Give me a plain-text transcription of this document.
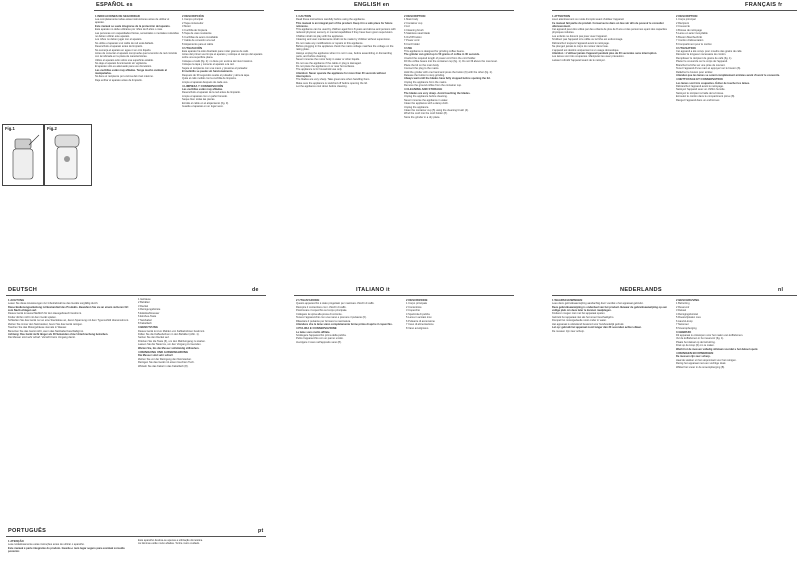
ESPAÑOL es	ENGLISH en	FRANÇAIS fr
Fig.1	Fig.2

1 INDICACIONES DE SEGURIDAD

Lea completamente todas estas instrucciones antes de utilizar el aparato.

Este manual se suele integrarse de la protección del aparato.

Este aparato no debe utilizarse por niños de 8 años o más.

Las personas con capacidades físicas, sensoriales o mentales reducidas no deben utilizar este aparato.

Los niños no deben jugar con el aparato.

No utilice el aparato si el cable de red está dañado.

Desenchufe el aparato antes de limpiarlo.

No sumerja el aparato en agua ni en otro líquido.

Antes de conectar el aparato compruebe que la tensión de red coincide con la indicada en la placa de características.

Utilice el aparato sólo sobre una superficie estable.

No deje el aparato funcionando sin vigilancia.

El aparato sólo es adecuado para uso doméstico.

Las cuchillas están muy afiladas. Tenga mucho cuidado al manipularlas.

No llene el recipiente por encima del nivel máximo.

Deje enfriar el aparato antes de limpiarlo.

2 DESCRIPCIÓN

1 Campo principal

2 Tapa contenedor

3 Motor

4 Cuchilla de limpieza

5 Tapa de vaso resistente

6 Cuchillas de acero inoxidable

7 Cable de conexión a la red

8 Alojamiento para el cable

3 UTILIZACIÓN

Este aparato ha sido diseñado para moler granos de café.

Antes del primer uso limpie el aparato y coloque el campo del aparato sobre una superficie plana.

Coloque el café (fig. 2): no llene por encima del nivel máximo.

Coloque la tapa y conecte el aparato a la red.

Sujete el recipiente con una mano y presione el pulsador.

El molinillo se puede sin funcionamiento.

Después de 30 segundos suelte el pulsador y abra la tapa.

Quite el café molido con la cuchilla de limpieza.

Limpie el aparato después de cada uso.

4 LIMPIEZA Y CONSERVACIÓN

Las cuchillas están muy afiladas.

Desenchufe el aparato de la red antes de limpiarlo.

Limpie el aparato con un paño húmedo.

Seque bien todas las piezas.

Enrolle el cable en el alojamiento (fig. 3).

Guarde el aparato en un lugar seco.

1 CAUTION

Read these instructions carefully before using the appliance.

This manual is an integral part of the product. Keep it in a safe place for future reference.

This appliance can be used by children aged from 8 years and above and persons with reduced physical, sensory or mental capabilities if they have been given supervision.

Children shall not play with the appliance.

Cleaning and user maintenance shall not be made by children without supervision.

Do not make any modifications or repairs to this appliance.

Before plugging in the appliance check the mains voltage matches the voltage on the rating plate.

Always unplug the appliance when it is not in use, before assembling or dismantling parts, and before cleaning.

Never immerse the motor body in water or other liquids.

Do not use the appliance if the cable or plug is damaged.

Do not place the appliance on or near hot surfaces.

The appliance is for household use only.

Attention: Never operate the appliance for more than 30 seconds without interruption.

The blades are very sharp. Take great care when handling them.

Make sure the appliance is switched off before opening the lid.

Let the appliance cool down before cleaning.

2 DESCRIPTION

1 Main body

2 Container cup

3 Lid

4 Cleaning brush

5 Stainless steel blade

6 On/Off button

7 Power cord

8 Cord holder

3 USE

This appliance is designed for grinding coffee beans.

The grinder can grind up to 50 grams of coffee in 30 seconds.

Unwind the required length of power cord from the cord holder.

Fill the coffee beans into the container cup (fig. 1). Do not fill above the max level.

Place the lid on the main body.

Connect the plug to the mains.

Hold the grinder with one hand and press the button (6) with the other (fig. 2).

Release the button to stop grinding.

Always wait until the blades have fully stopped before opening the lid.

Unplug the appliance from the mains.

Remove the ground coffee from the container cup.

4 CLEANING AND STORAGE

The blades are very sharp. Avoid touching the blades.

Unplug the appliance before cleaning.

Never immerse the appliance in water.

Clean the appliance with a damp cloth.

Unplug the appliance.

Clean the container cup (5) using the cleaning brush (4).

Wind the cord into the cord holder (8).

Store the grinder in a dry place.

1 ATTENTION

Lisez attentivement ce mode d'emploi avant d'utiliser l'appareil.

Ce manuel fait partie du produit. Conservez-le dans un lieu sûr afin de pouvoir le consulter ultérieurement.

Cet appareil peut être utilisé par des enfants de plus de 8 ans et des personnes ayant des capacités physiques réduites.

Les enfants ne doivent pas jouer avec l'appareil.

N'utilisez pas l'appareil si le câble ou la fiche est endommagé.

Débranchez toujours l'appareil avant le nettoyage.

Ne plongez jamais le corps du moteur dans l'eau.

L'appareil est destiné uniquement à un usage domestique.

Attention : n'utilisez jamais l'appareil pendant plus de 30 secondes sans interruption.

Les lames sont très coupantes. Manipulez-les avec précaution.

Laissez refroidir l'appareil avant de le nettoyer.

2 DESCRIPTION

1 Corps principal

2 Récipient

3 Couvercle

4 Brosse de nettoyage

5 Lame en acier inoxydable

6 Bouton Marche/Arrêt

7 Cordon d'alimentation

8 Compartiment pour le cordon

3 UTILISATION

Cet appareil a été conçu pour moudre des grains de café.

Déroulez la longueur nécessaire de cordon.

Remplissez le récipient de grains de café (fig. 1).

Placez le couvercle sur le corps de l'appareil.

Branchez la fiche sur une prise de courant.

Tenez l'appareil d'une main et appuyez sur le bouton (6).

Relâchez le bouton pour arrêter.

Attendez que les lames se soient complètement arrêtées avant d'ouvrir le couvercle.

4 NETTOYAGE ET CONSERVATION

Les lames sont très coupantes. Évitez de toucher les lames.

Débranchez l'appareil avant le nettoyage.

Nettoyez l'appareil avec un chiffon humide.

Nettoyez le récipient à l'aide de la brosse.

Enroulez le cordon dans le compartiment prévu (8).

Rangez l'appareil dans un endroit sec.

DEUTSCH	de	ITALIANO it	nl

1 ACHTUNG

Lesen Sie diese Anweisungen zur Inbetriebnahme des Geräts sorgfältig durch.

Diese Bedienungsanleitung ist Bestandteil des Produkts. Bewahren Sie sie an einem sicheren Ort zum Nachschlagen auf.

Dieses Gerät ist ausschließlich für den Hausgebrauch bestimmt.

Kinder dürfen nicht mit dem Gerät spielen.

Schließen Sie das Gerät nur an eine Steckdose an, deren Spannung mit dem Typenschild übereinstimmt.

Ziehen Sie immer den Netzstecker, bevor Sie das Gerät reinigen.

Tauchen Sie das Motorgehäuse niemals in Wasser.

Benutzen Sie das Gerät nicht, wenn das Netzkabel beschädigt ist.

Achtung: Das Gerät nicht länger als 30 Sekunden ohne Unterbrechung betreiben.

Die Messer sind sehr scharf. Vorsicht beim Umgang damit.

1 Gehäuse

2 Behälter

3 Deckel

4 Reinigungsbürste

5 Edelstahlmesser

6 Ein/Aus-Taste

7 Netzkabel

8 Kabelfach

3 BENUTZUNG

Dieses Gerät ist zum Mahlen von Kaffeebohnen bestimmt.

Füllen Sie die Kaffeebohnen in den Behälter (Abb. 1).

Setzen Sie den Deckel auf.

Drücken Sie die Taste (6), um den Mahlvorgang zu starten.

Lassen Sie die Taste los, um den Vorgang zu beenden.

Warten Sie, bis die Messer vollständig stillstehen.

4 REINIGUNG UND AUFBEWAHRUNG

Die Messer sind sehr scharf.

Ziehen Sie vor der Reinigung den Netzstecker.

Reinigen Sie das Gerät mit einem feuchten Tuch.

Wickeln Sie das Kabel in das Kabelfach (8).

2 UTILIZZAZIONE

Questo apparecchio è stato progettato per macinare chicchi di caffè.

Riempire il contenitore con i chicchi di caffè.

Posizionare il coperchio sul corpo principale.

Collegare la spina alla presa di corrente.

Tenere l'apparecchio con una mano e premere il pulsante (6).

Rilasciare il pulsante per fermare la macinatura.

Attendere che le lame siano completamente ferme prima di aprire il coperchio.

4 PULIZIA E CONSERVAZIONE

Le lame sono molto affilate.

Scollegare l'apparecchio prima della pulizia.

Pulire l'apparecchio con un panno umido.

Avvolgere il cavo nell'apposito vano (8).

2 DESCRIZIONE

1 Corpo principale

2 Contenitore

3 Coperchio

4 Spazzola di pulizia

5 Lama in acciaio inox

6 Pulsante di accensione

7 Cavo di alimentazione

8 Vano avvolgicavo

1 WAARSCHUWINGEN

Lees deze gebruiksaanwijzing aandachtig door voordat u het apparaat gebruikt.

Deze gebruiksaanwijzing is onderdeel van het product. Bewaar de gebruiksaanwijzing op een veilige plek om deze later te kunnen raadplegen.

Kinderen mogen niet met het apparaat spelen.

Gebruik het apparaat niet als het snoer beschadigd is.

Dompel het motorgedeelte nooit onder in water.

Het apparaat is uitsluitend bestemd voor huishoudelijk gebruik.

Let op: gebruik het apparaat nooit langer dan 30 seconden achter elkaar.

De messen zijn zeer scherp.

2 BESCHRIJVING

1 Behuizing

2 Reservoir

3 Deksel

4 Reinigingsborstel

5 Roestvrijstalen mes

6 Aan/uit-knop

7 Netsnoer

8 Snoeropberging

3 GEBRUIK

Dit apparaat is ontworpen voor het malen van koffiebonen.

Vul de koffiebonen in het reservoir (fig. 1).

Plaats het deksel op de behuizing.

Druk op de knop (6) om te malen.

Wacht tot de messen volledig stilstaan voordat u het deksel opent.

4 REINIGEN EN OPBERGEN

De messen zijn zeer scherp.

Haal de stekker uit het stopcontact voor het reinigen.

Reinig het apparaat met een vochtige doek.

Wikkel het snoer in de snoeropberging (8).

PORTUGUÊS	pt

1 ATENÇÃO

Leia cuidadosamente estas instruções antes de utilizar o aparelho.

Este manual é parte integrante do produto. Guarde-o num lugar seguro para eventual consulta posterior.

Este aparelho destina-se apenas a utilização doméstica.

As lâminas estão muito afiadas. Tenha muito cuidado.

NEDERLANDS
